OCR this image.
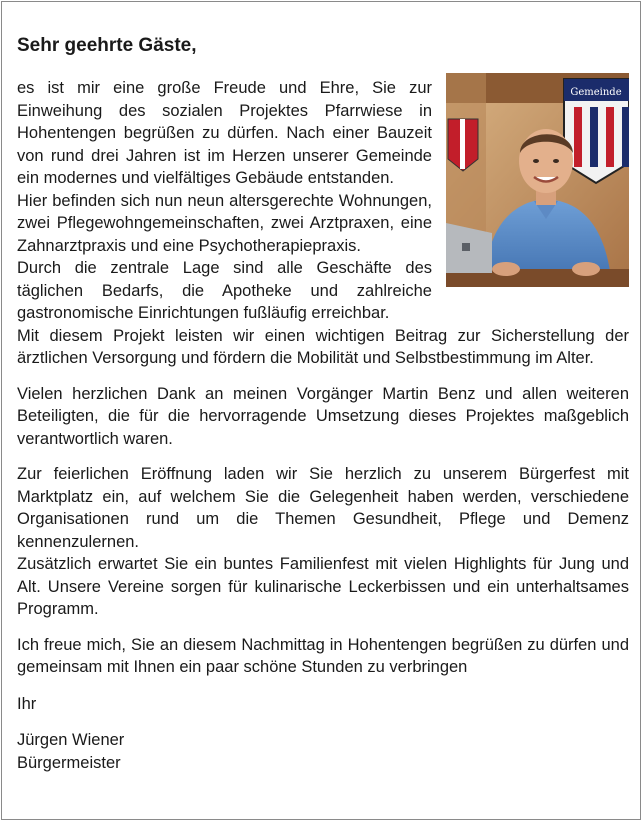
Sehr geehrte Gäste,
Gemeinde

es ist mir eine große Freude und Ehre, Sie zur Einweihung des sozialen Projektes Pfarrwiese in Hohentengen begrüßen zu dürfen. Nach einer Bauzeit von rund drei Jahren ist im Herzen unserer Gemeinde ein modernes und vielfältiges Gebäude entstanden.

Hier befinden sich nun neun altersgerechte Wohnungen, zwei Pflegewohngemeinschaften, zwei Arztpraxen, eine Zahnarztpraxis und eine Psychotherapiepraxis.

Durch die zentrale Lage sind alle Geschäfte des täglichen Bedarfs, die Apotheke und zahlreiche gastronomische Einrichtungen fußläufig erreichbar.

Mit diesem Projekt leisten wir einen wichtigen Beitrag zur Sicherstellung der ärztlichen Versorgung und fördern die Mobilität und Selbstbestimmung im Alter.

Vielen herzlichen Dank an meinen Vorgänger Martin Benz und allen weiteren Beteiligten, die für die hervorragende Umsetzung dieses Projektes maßgeblich verantwortlich waren.

Zur feierlichen Eröffnung laden wir Sie herzlich zu unserem Bürgerfest mit Marktplatz ein, auf welchem Sie die Gelegenheit haben werden, verschiedene Organisationen rund um die Themen Gesundheit, Pflege und Demenz kennenzulernen.

Zusätzlich erwartet Sie ein buntes Familienfest mit vielen Highlights für Jung und Alt. Unsere Vereine sorgen für kulinarische Leckerbissen und ein unterhaltsames Programm.

Ich freue mich, Sie an diesem Nachmittag in Hohentengen begrüßen zu dürfen und gemeinsam mit Ihnen ein paar schöne Stunden zu verbringen

Ihr

Jürgen Wiener

Bürgermeister
